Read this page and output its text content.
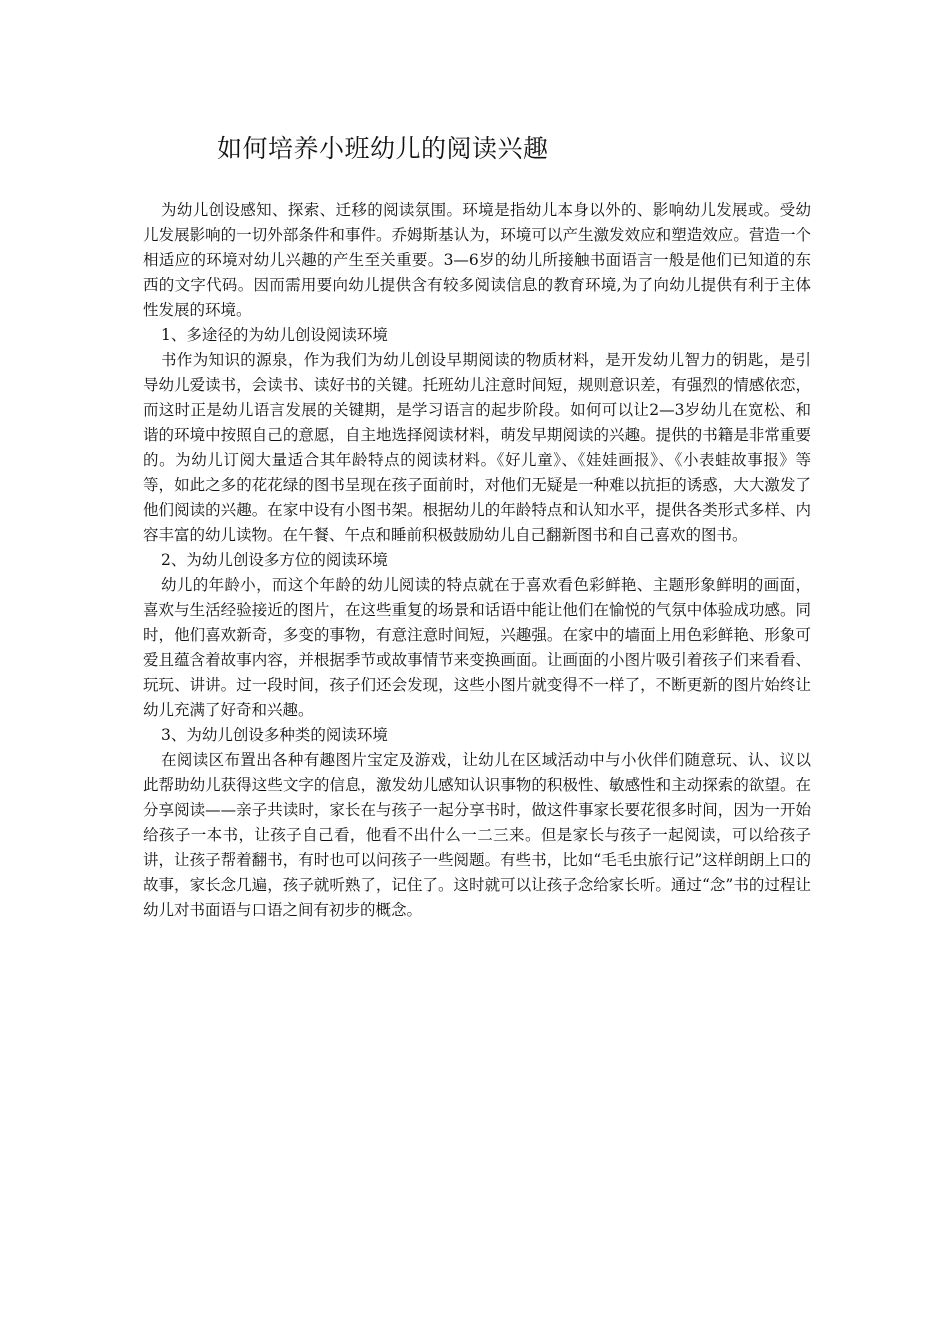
如何培养小班幼儿的阅读兴趣

为幼儿创设感知、探索、迁移的阅读氛围。环境是指幼儿本身以外的、影响幼儿发展或。受幼儿发展影响的一切外部条件和事件。乔姆斯基认为，环境可以产生激发效应和塑造效应。营造一个相适应的环境对幼儿兴趣的产生至关重要。3—6岁的幼儿所接触书面语言一般是他们已知道的东西的文字代码。因而需用要向幼儿提供含有较多阅读信息的教育环境,为了向幼儿提供有利于主体性发展的环境。

1、多途径的为幼儿创设阅读环境

书作为知识的源泉，作为我们为幼儿创设早期阅读的物质材料，是开发幼儿智力的钥匙，是引导幼儿爱读书，会读书、读好书的关键。托班幼儿注意时间短，规则意识差，有强烈的情感依恋，而这时正是幼儿语言发展的关键期，是学习语言的起步阶段。如何可以让2—3岁幼儿在宽松、和谐的环境中按照自己的意愿，自主地选择阅读材料，萌发早期阅读的兴趣。提供的书籍是非常重要的。为幼儿订阅大量适合其年龄特点的阅读材料。《好儿童》、《娃娃画报》、《小表蛙故事报》等等，如此之多的花花绿的图书呈现在孩子面前时，对他们无疑是一种难以抗拒的诱惑，大大激发了他们阅读的兴趣。在家中设有小图书架。根据幼儿的年龄特点和认知水平，提供各类形式多样、内容丰富的幼儿读物。在午餐、午点和睡前积极鼓励幼儿自己翻新图书和自己喜欢的图书。

2、为幼儿创设多方位的阅读环境

幼儿的年龄小，而这个年龄的幼儿阅读的特点就在于喜欢看色彩鲜艳、主题形象鲜明的画面，喜欢与生活经验接近的图片，在这些重复的场景和话语中能让他们在愉悦的气氛中体验成功感。同时，他们喜欢新奇，多变的事物，有意注意时间短，兴趣强。在家中的墙面上用色彩鲜艳、形象可爱且蕴含着故事内容，并根据季节或故事情节来变换画面。让画面的小图片吸引着孩子们来看看、玩玩、讲讲。过一段时间，孩子们还会发现，这些小图片就变得不一样了，不断更新的图片始终让幼儿充满了好奇和兴趣。

3、为幼儿创设多种类的阅读环境

在阅读区布置出各种有趣图片宝定及游戏，让幼儿在区域活动中与小伙伴们随意玩、认、议以此帮助幼儿获得这些文字的信息，激发幼儿感知认识事物的积极性、敏感性和主动探索的欲望。在分享阅读——亲子共读时，家长在与孩子一起分享书时，做这件事家长要花很多时间，因为一开始给孩子一本书，让孩子自己看，他看不出什么一二三来。但是家长与孩子一起阅读，可以给孩子讲，让孩子帮着翻书，有时也可以问孩子一些阅题。有些书，比如“毛毛虫旅行记”这样朗朗上口的故事，家长念几遍，孩子就听熟了，记住了。这时就可以让孩子念给家长听。通过“念”书的过程让幼儿对书面语与口语之间有初步的概念。
